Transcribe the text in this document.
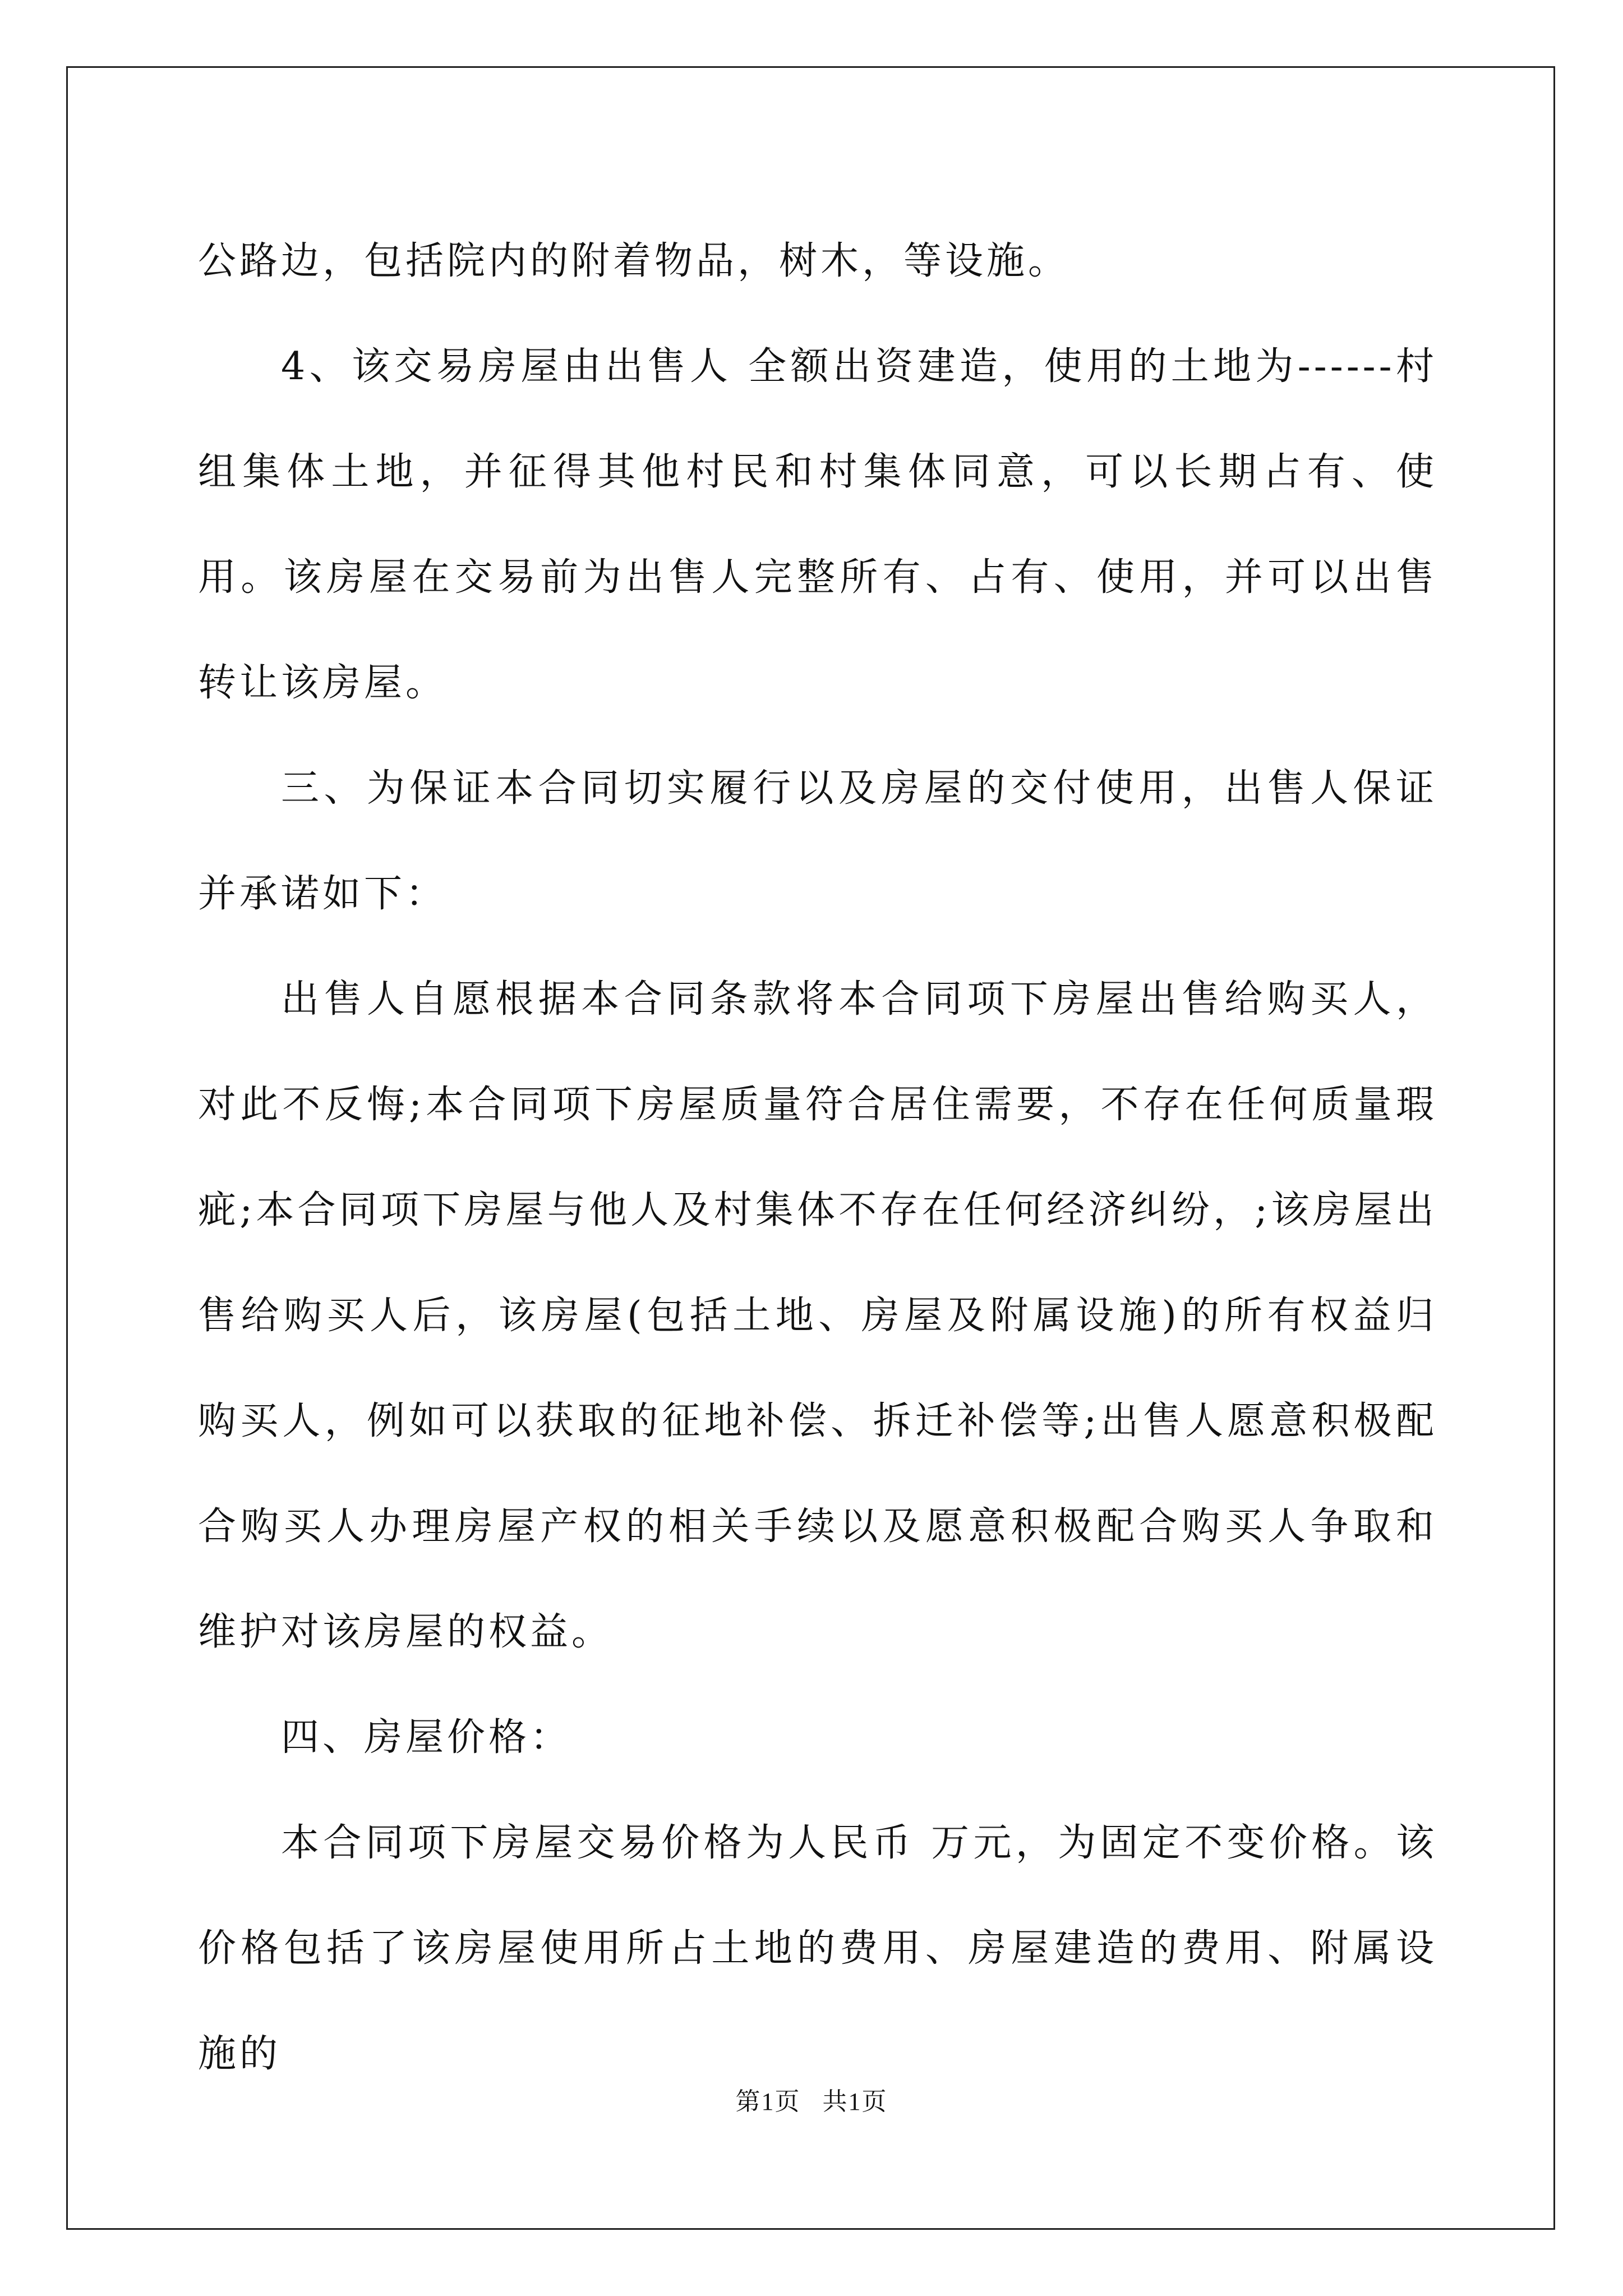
公路边，包括院内的附着物品，树木，等设施。

4、该交易房屋由出售人 全额出资建造，使用的土地为------村组集体土地，并征得其他村民和村集体同意，可以长期占有、使用。该房屋在交易前为出售人完整所有、占有、使用，并可以出售转让该房屋。

三、为保证本合同切实履行以及房屋的交付使用，出售人保证并承诺如下：

出售人自愿根据本合同条款将本合同项下房屋出售给购买人，对此不反悔;本合同项下房屋质量符合居住需要，不存在任何质量瑕疵;本合同项下房屋与他人及村集体不存在任何经济纠纷，;该房屋出售给购买人后，该房屋(包括土地、房屋及附属设施)的所有权益归购买人，例如可以获取的征地补偿、拆迁补偿等;出售人愿意积极配合购买人办理房屋产权的相关手续以及愿意积极配合购买人争取和维护对该房屋的权益。

四、房屋价格：

本合同项下房屋交易价格为人民币 万元，为固定不变价格。该价格包括了该房屋使用所占土地的费用、房屋建造的费用、附属设施的

第1页 共1页
